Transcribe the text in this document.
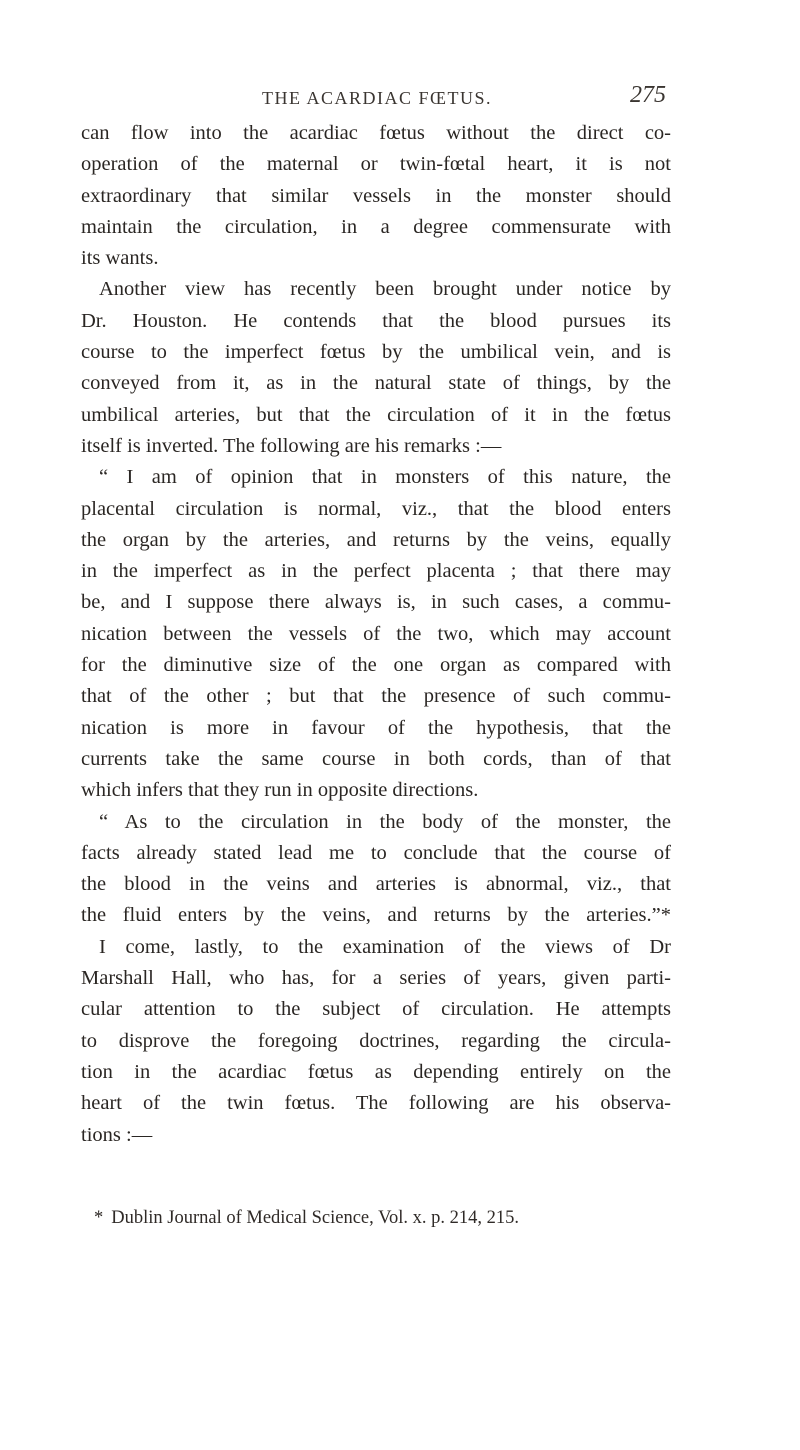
THE ACARDIAC FŒTUS.	275
can flow into the acardiac fœtus without the direct co-
operation of the maternal or twin-fœtal heart, it is not
extraordinary that similar vessels in the monster should
maintain the circulation, in a degree commensurate with
its wants.
Another view has recently been brought under notice by
Dr. Houston. He contends that the blood pursues its
course to the imperfect fœtus by the umbilical vein, and is
conveyed from it, as in the natural state of things, by the
umbilical arteries, but that the circulation of it in the fœtus
itself is inverted. The following are his remarks :—
“ I am of opinion that in monsters of this nature, the
placental circulation is normal, viz., that the blood enters
the organ by the arteries, and returns by the veins, equally
in the imperfect as in the perfect placenta ; that there may
be, and I suppose there always is, in such cases, a commu-
nication between the vessels of the two, which may account
for the diminutive size of the one organ as compared with
that of the other ; but that the presence of such commu-
nication is more in favour of the hypothesis, that the
currents take the same course in both cords, than of that
which infers that they run in opposite directions.
“ As to the circulation in the body of the monster, the
facts already stated lead me to conclude that the course of
the blood in the veins and arteries is abnormal, viz., that
the fluid enters by the veins, and returns by the arteries.”*
I come, lastly, to the examination of the views of Dr
Marshall Hall, who has, for a series of years, given parti-
cular attention to the subject of circulation. He attempts
to disprove the foregoing doctrines, regarding the circula-
tion in the acardiac fœtus as depending entirely on the
heart of the twin fœtus. The following are his observa-
tions :—
* Dublin Journal of Medical Science, Vol. x. p. 214, 215.
